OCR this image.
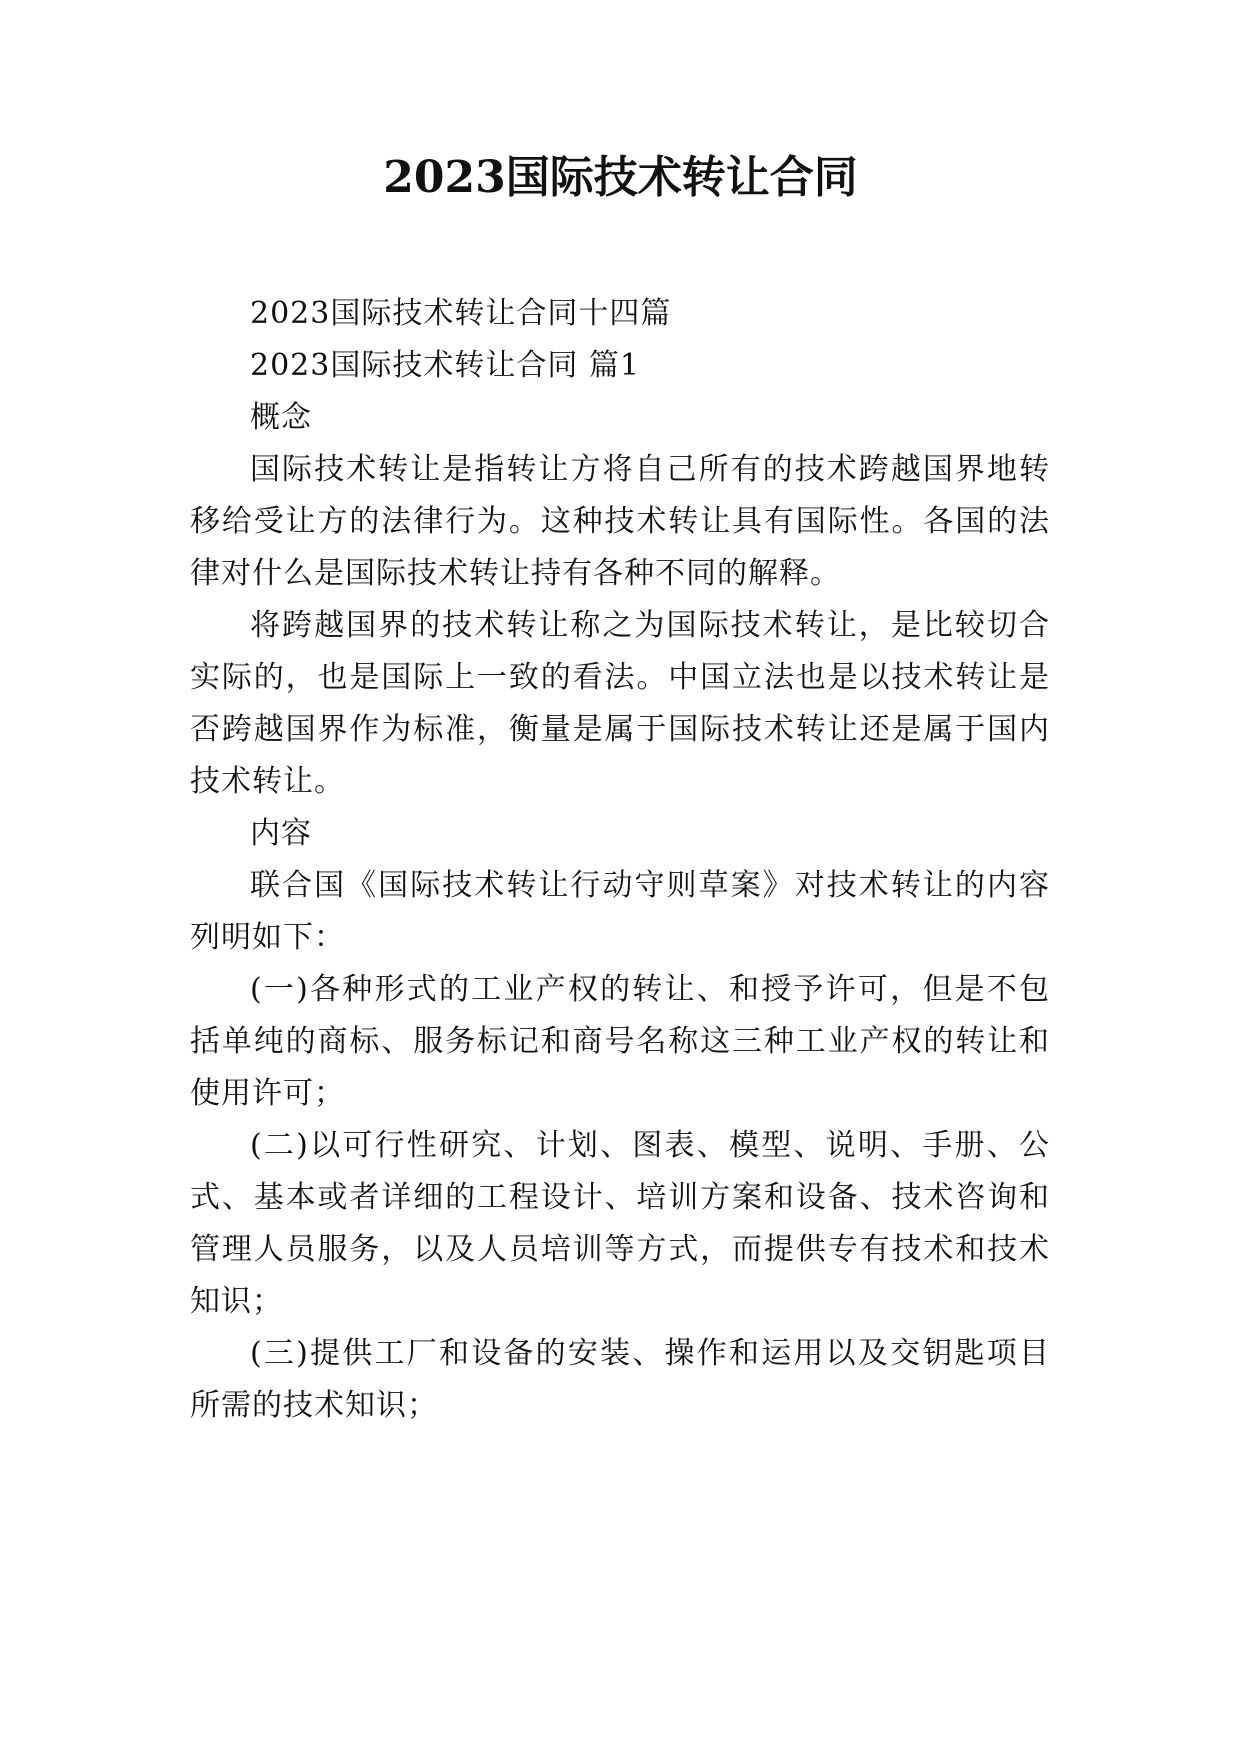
2023国际技术转让合同

2023国际技术转让合同十四篇

2023国际技术转让合同 篇1

概念

国际技术转让是指转让方将自己所有的技术跨越国界地转移给受让方的法律行为。这种技术转让具有国际性。各国的法律对什么是国际技术转让持有各种不同的解释。

将跨越国界的技术转让称之为国际技术转让，是比较切合实际的，也是国际上一致的看法。中国立法也是以技术转让是否跨越国界作为标准，衡量是属于国际技术转让还是属于国内技术转让。

内容

联合国《国际技术转让行动守则草案》对技术转让的内容列明如下：

(一)各种形式的工业产权的转让、和授予许可，但是不包括单纯的商标、服务标记和商号名称这三种工业产权的转让和使用许可；

(二)以可行性研究、计划、图表、模型、说明、手册、公式、基本或者详细的工程设计、培训方案和设备、技术咨询和管理人员服务，以及人员培训等方式，而提供专有技术和技术知识；

(三)提供工厂和设备的安装、操作和运用以及交钥匙项目所需的技术知识；
